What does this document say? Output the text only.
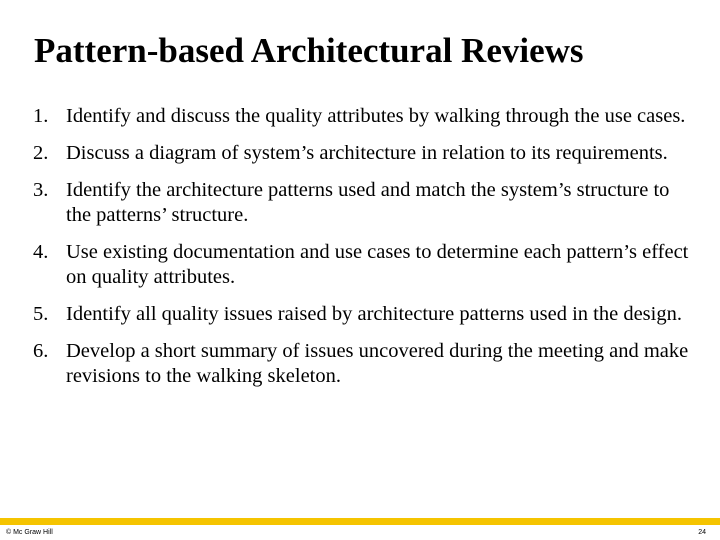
Pattern-based Architectural Reviews
1. Identify and discuss the quality attributes by walking through the use cases.
2. Discuss a diagram of system’s architecture in relation to its requirements.
3. Identify the architecture patterns used and match the system’s structure to the patterns’ structure.
4. Use existing documentation and use cases to determine each pattern’s effect on quality attributes.
5. Identify all quality issues raised by architecture patterns used in the design.
6. Develop a short summary of issues uncovered during the meeting and make revisions to the walking skeleton.
© Mc Graw Hill	24
